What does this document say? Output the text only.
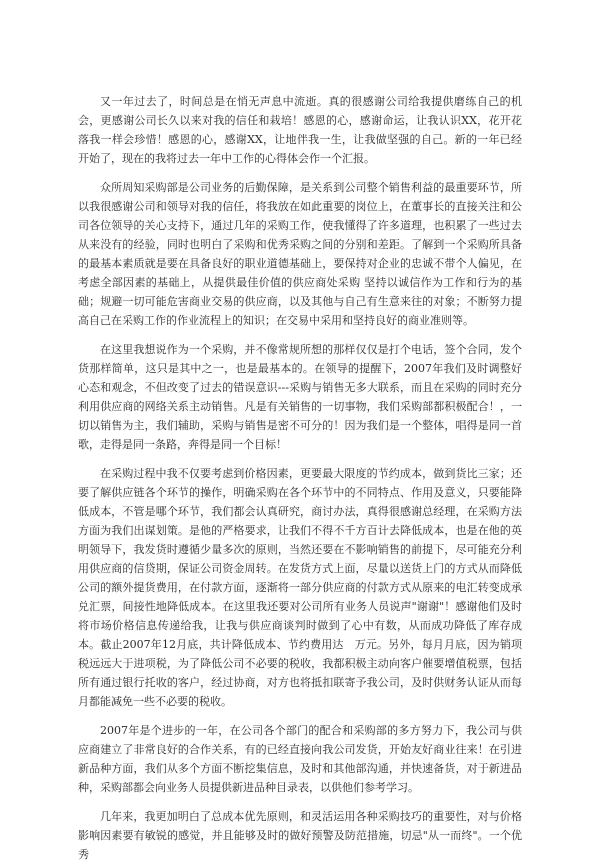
又一年过去了，时间总是在悄无声息中流逝。真的很感谢公司给我提供磨练自己的机会，更感谢公司长久以来对我的信任和栽培！感恩的心，感谢命运，让我认识XX，花开花落我一样会珍惜！感恩的心，感谢XX，让地伴我一生，让我做坚强的自己。新的一年已经开始了，现在的我将过去一年中工作的心得体会作一个汇报。

众所周知采购部是公司业务的后勤保障，是关系到公司整个销售利益的最重要环节，所以我很感谢公司和领导对我的信任，将我放在如此重要的岗位上，在董事长的直接关注和公司各位领导的关心支持下，通过几年的采购工作，使我懂得了许多道理，也积累了一些过去从来没有的经验，同时也明白了采购和优秀采购之间的分别和差距。了解到一个采购所具备的最基本素质就是要在具备良好的职业道德基础上，要保持对企业的忠诚不带个人偏见，在考虑全部因素的基础上，从提供最佳价值的供应商处采购 坚持以诚信作为工作和行为的基础；规避一切可能危害商业交易的供应商，以及其他与自己有生意来往的对象；不断努力提高自己在采购工作的作业流程上的知识；在交易中采用和坚持良好的商业准则等。

在这里我想说作为一个采购，并不像常规所想的那样仅仅是打个电话，签个合同，发个货那样简单，这只是其中之一，也是最基本的。在领导的提醒下，2007年我们及时调整好心态和观念，不但改变了过去的错误意识---采购与销售无多大联系，而且在采购的同时充分利用供应商的网络关系主动销售。凡是有关销售的一切事物，我们采购部都积极配合！，一切以销售为主，我们辅助，采购与销售是密不可分的！因为我们是一个整体，唱得是同一首歌，走得是同一条路，奔得是同一个目标！

在采购过程中我不仅要考虑到价格因素，更要最大限度的节约成本，做到货比三家；还要了解供应链各个环节的操作，明确采购在各个环节中的不同特点、作用及意义，只要能降低成本，不管是哪个环节，我们都会认真研究，商讨办法，真得很感谢总经理，在采购方法方面为我们出谋划策。是他的严格要求，让我们不得不千方百计去降低成本，也是在他的英明领导下，我发货时遵循少量多次的原则，当然还要在不影响销售的前提下，尽可能充分利用供应商的信贷期，保证公司资金周转。在发货方式上面，尽量以送货上门的方式从而降低公司的额外提货费用，在付款方面，逐渐将一部分供应商的付款方式从原来的电汇转变成承兑汇票，间接性地降低成本。在这里我还要对公司所有业务人员说声"谢谢"！感谢他们及时将市场价格信息传递给我，让我与供应商谈判时做到了心中有数，从而成功降低了库存成本。截止2007年12月底，共计降低成本、节约费用达　万元。另外，每月月底，因为销项税远远大于进项税，为了降低公司不必要的税收，我都积极主动向客户催要增值税票，包括所有通过银行托收的客户，经过协商，对方也将抵扣联寄予我公司，及时供财务认证从而每月都能减免一些不必要的税收。

2007年是个进步的一年，在公司各个部门的配合和采购部的多方努力下，我公司与供应商建立了非常良好的合作关系，有的已经直接向我公司发货，开始友好商业往来！在引进新品种方面，我们从多个方面不断挖集信息，及时和其他部沟通，并快速备货，对于新进品种，采购部都会向业务人员提供新进品种目录表，以供他们参考学习。

几年来，我更加明白了总成本优先原则，和灵活运用各种采购技巧的重要性，对与价格影响因素要有敏锐的感觉，并且能够及时的做好预警及防范措施，切忌"从一而终"。一个优秀
